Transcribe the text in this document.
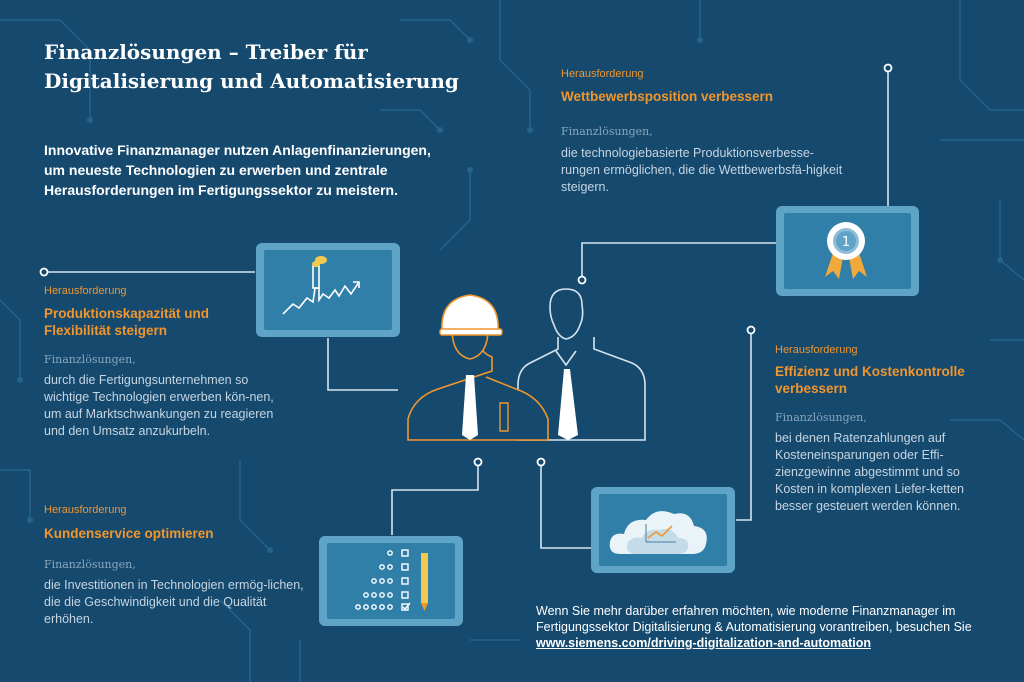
Finanzlösungen – Treiber für
Digitalisierung und Automatisierung
Innovative Finanzmanager nutzen Anlagenfinanzierungen, um neueste Technologien zu erwerben und zentrale Herausforderungen im Fertigungssektor zu meistern.
Herausforderung
Wettbewerbsposition verbessern
Finanzlösungen,
die technologiebasierte Produktionsverbesse-rungen ermöglichen, die die Wettbewerbsfä-higkeit steigern.
Herausforderung
Produktionskapazität und Flexibilität steigern
Finanzlösungen,
durch die Fertigungsunternehmen so wichtige Technologien erwerben kön-nen, um auf Marktschwankungen zu reagieren und den Umsatz anzukurbeln.
Herausforderung
Effizienz und Kostenkontrolle verbessern
Finanzlösungen,
bei denen Ratenzahlungen auf Kosteneinsparungen oder Effi-zienzgewinne abgestimmt und so Kosten in komplexen Liefer-ketten besser gesteuert werden können.
Herausforderung
Kundenservice optimieren
Finanzlösungen,
die Investitionen in Technologien ermög-lichen, die die Geschwindigkeit und die Qualität erhöhen.
Wenn Sie mehr darüber erfahren möchten, wie moderne Finanzmanager im Fertigungssektor Digitalisierung & Automatisierung vorantreiben, besuchen Sie www.siemens.com/driving-digitalization-and-automation
1
